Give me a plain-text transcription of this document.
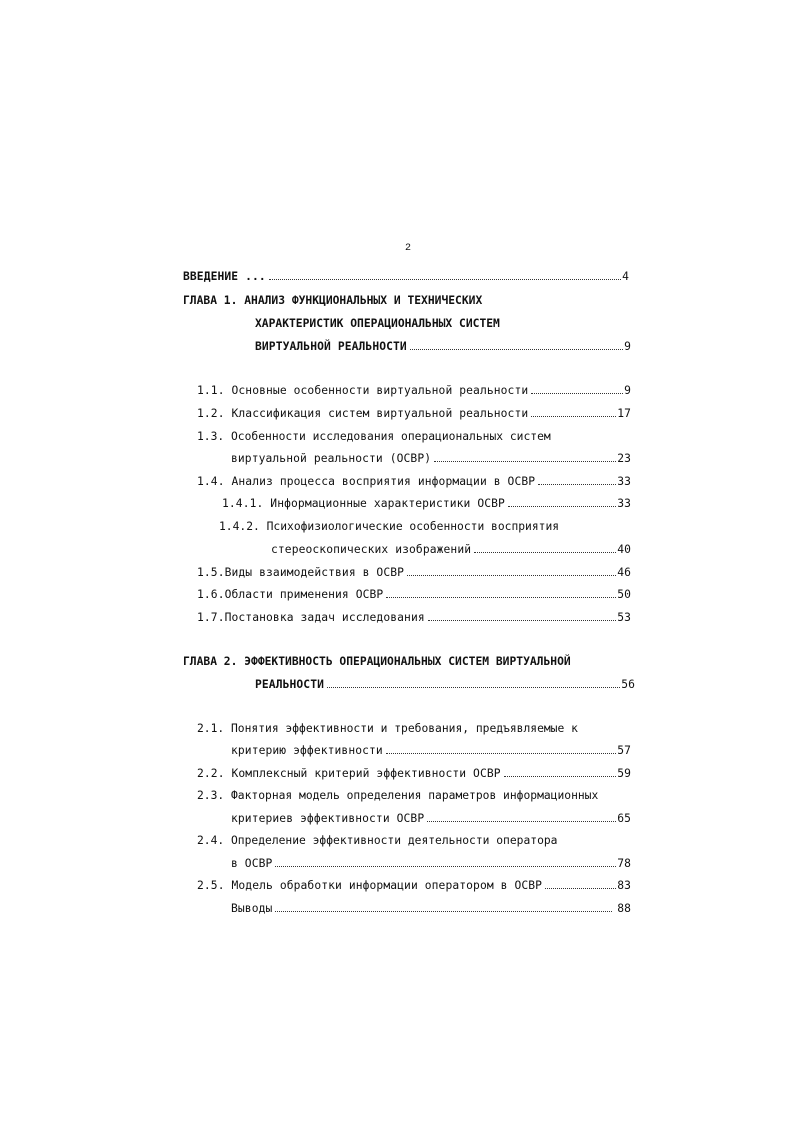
2
ВВЕДЕНИЕ ...	4
ГЛАВА 1. АНАЛИЗ ФУНКЦИОНАЛЬНЫХ И ТЕХНИЧЕСКИХ
ХАРАКТЕРИСТИК ОПЕРАЦИОНАЛЬНЫХ СИСТЕМ
ВИРТУАЛЬНОЙ РЕАЛЬНОСТИ	9
1.1. Основные особенности виртуальной реальности	9
1.2. Классификация систем виртуальной реальности	17
1.3. Особенности исследования операциональных систем
виртуальной реальности (ОСВР)	23
1.4. Анализ процесса восприятия информации в ОСВР	33
1.4.1. Информационные характеристики ОСВР	33
1.4.2. Психофизиологические особенности восприятия
стереоскопических изображений	40
1.5.Виды взаимодействия в ОСВР	46
1.6.Области применения ОСВР	50
1.7.Постановка задач исследования	53
ГЛАВА 2. ЭФФЕКТИВНОСТЬ ОПЕРАЦИОНАЛЬНЫХ СИСТЕМ ВИРТУАЛЬНОЙ
РЕАЛЬНОСТИ	56
2.1. Понятия эффективности и требования, предъявляемые к
критерию эффективности	57
2.2. Комплексный критерий эффективности ОСВР	59
2.3. Факторная модель определения параметров информационных
критериев эффективности ОСВР	65
2.4. Определение эффективности деятельности оператора
в ОСВР	78
2.5. Модель обработки информации оператором в ОСВР	83
Выводы	88
